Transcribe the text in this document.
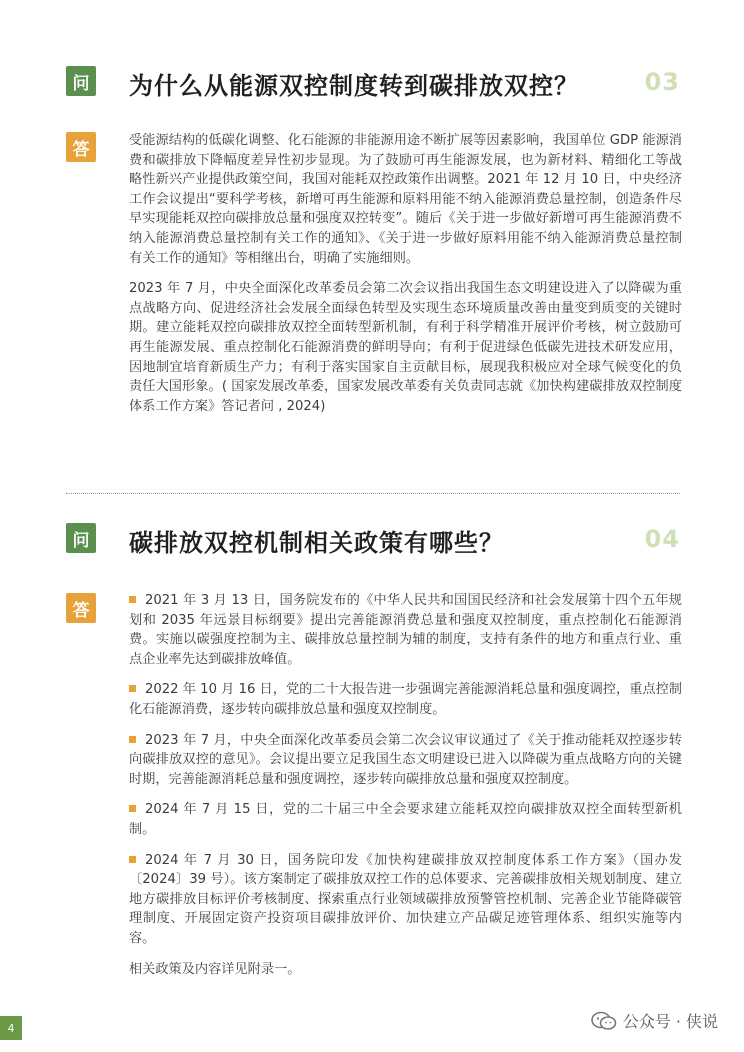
问 为什么从能源双控制度转到碳排放双控？	03
答	受能源结构的低碳化调整、化石能源的非能源用途不断扩展等因素影响，我国单位 GDP 能源消费和碳排放下降幅度差异性初步显现。为了鼓励可再生能源发展，也为新材料、精细化工等战略性新兴产业提供政策空间，我国对能耗双控政策作出调整。2021 年 12 月 10 日，中央经济工作会议提出“要科学考核，新增可再生能源和原料用能不纳入能源消费总量控制，创造条件尽早实现能耗双控向碳排放总量和强度双控转变”。随后《关于进一步做好新增可再生能源消费不纳入能源消费总量控制有关工作的通知》、《关于进一步做好原料用能不纳入能源消费总量控制有关工作的通知》等相继出台，明确了实施细则。

2023 年 7 月，中央全面深化改革委员会第二次会议指出我国生态文明建设进入了以降碳为重点战略方向、促进经济社会发展全面绿色转型及实现生态环境质量改善由量变到质变的关键时期。建立能耗双控向碳排放双控全面转型新机制，有利于科学精准开展评价考核，树立鼓励可再生能源发展、重点控制化石能源消费的鲜明导向；有利于促进绿色低碳先进技术研发应用，因地制宜培育新质生产力；有利于落实国家自主贡献目标，展现我积极应对全球气候变化的负责任大国形象。( 国家发展改革委，国家发展改革委有关负责同志就《加快构建碳排放双控制度体系工作方案》答记者问 , 2024)

问 碳排放双控机制相关政策有哪些？	04
答	2021 年 3 月 13 日，国务院发布的《中华人民共和国国民经济和社会发展第十四个五年规划和 2035 年远景目标纲要》提出完善能源消费总量和强度双控制度，重点控制化石能源消费。实施以碳强度控制为主、碳排放总量控制为辅的制度，支持有条件的地方和重点行业、重点企业率先达到碳排放峰值。

2022 年 10 月 16 日，党的二十大报告进一步强调完善能源消耗总量和强度调控，重点控制化石能源消费，逐步转向碳排放总量和强度双控制度。

2023 年 7 月，中央全面深化改革委员会第二次会议审议通过了《关于推动能耗双控逐步转向碳排放双控的意见》。会议提出要立足我国生态文明建设已进入以降碳为重点战略方向的关键时期，完善能源消耗总量和强度调控，逐步转向碳排放总量和强度双控制度。

2024 年 7 月 15 日，党的二十届三中全会要求建立能耗双控向碳排放双控全面转型新机制。

2024 年 7 月 30 日，国务院印发《加快构建碳排放双控制度体系工作方案》（国办发〔2024〕39 号）。该方案制定了碳排放双控工作的总体要求、完善碳排放相关规划制度、建立地方碳排放目标评价考核制度、探索重点行业领域碳排放预警管控机制、完善企业节能降碳管理制度、开展固定资产投资项目碳排放评价、加快建立产品碳足迹管理体系、组织实施等内容。

相关政策及内容详见附录一。

4	公众号 · 侠说
